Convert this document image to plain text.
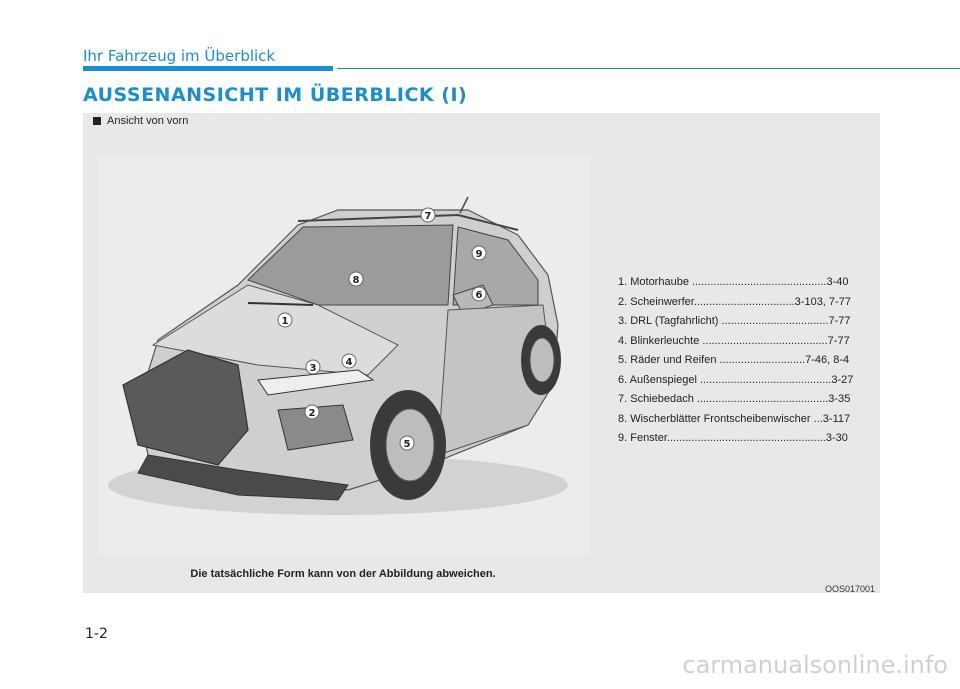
Ihr Fahrzeug im Überblick
AUSSENANSICHT IM ÜBERBLICK (I)
Ansicht von vorn
1
2
3
4
5
6
7
8
9
1. Motorhaube ............................................3-40
2. Scheinwerfer.................................3-103, 7-77
3. DRL (Tagfahrlicht) ...................................7-77
4. Blinkerleuchte .........................................7-77
5. Räder und Reifen ............................7-46, 8-4
6. Außenspiegel ...........................................3-27
7. Schiebedach ...........................................3-35
8. Wischerblätter Frontscheibenwischer ...3-117
9. Fenster....................................................3-30
Die tatsächliche Form kann von der Abbildung abweichen.
OOS017001
1-2
carmanualsonline.info
